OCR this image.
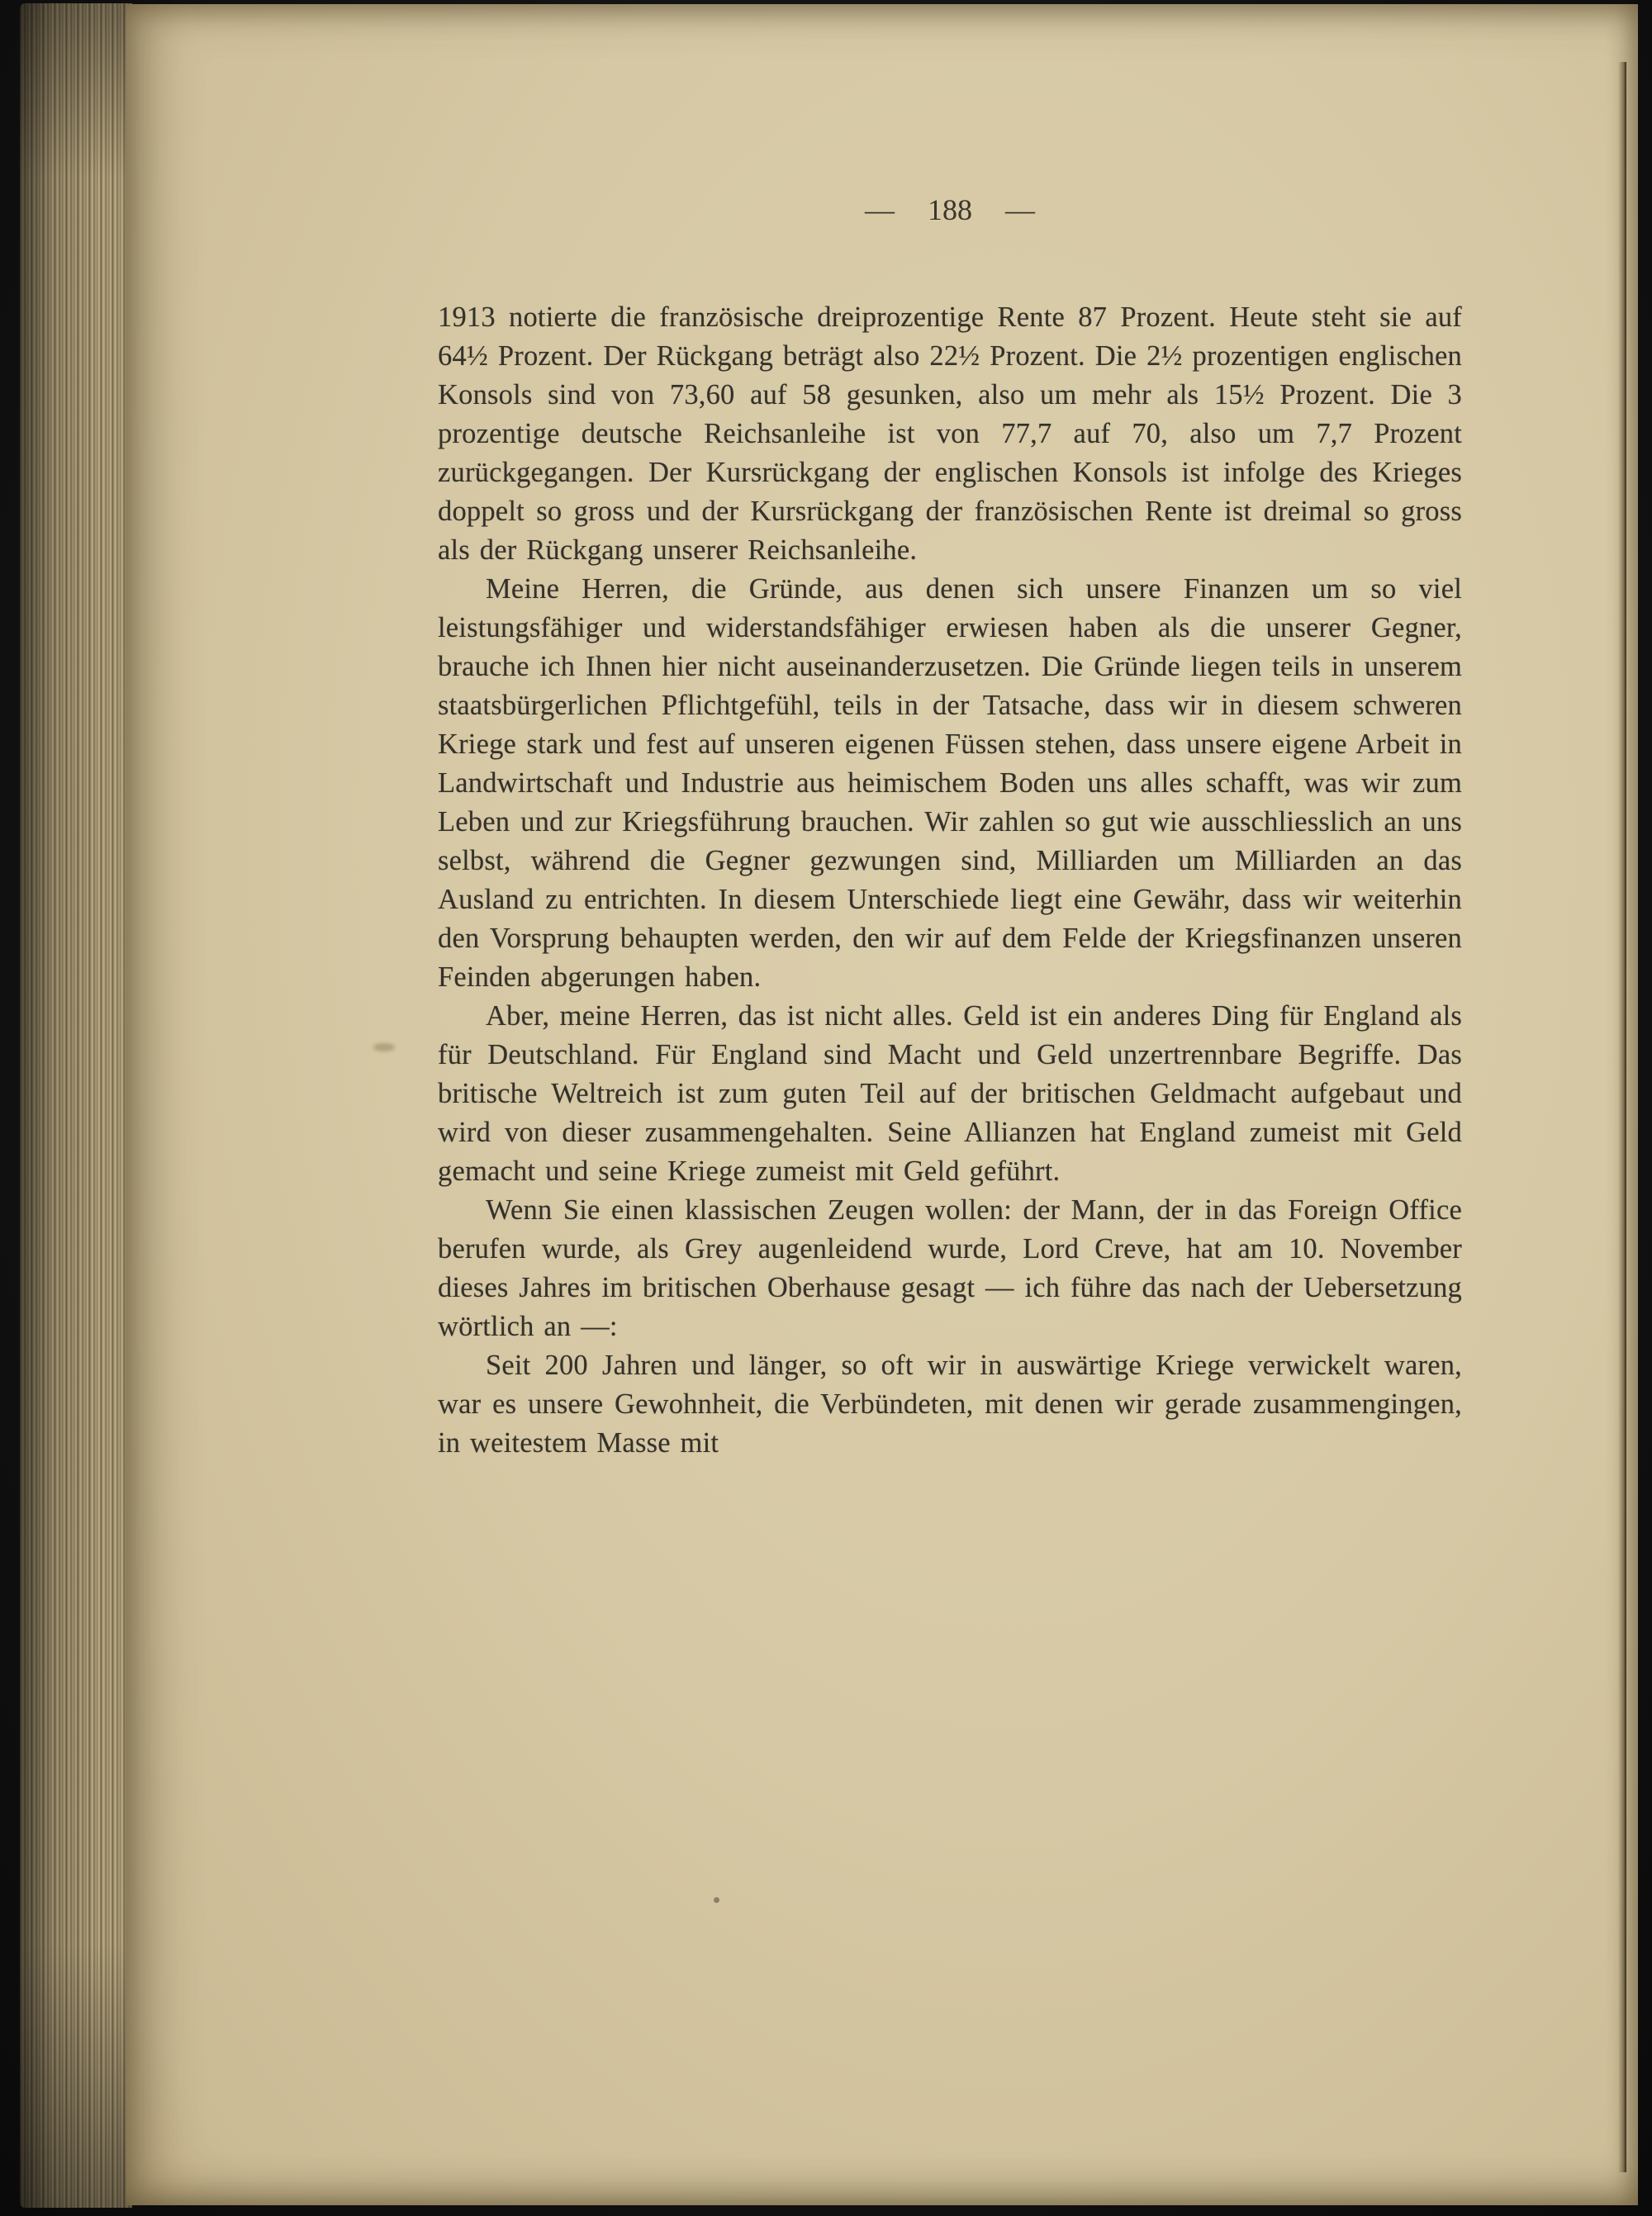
— 188 —

1913 notierte die französische dreiprozentige Rente 87 Prozent. Heute steht sie auf 64½ Prozent. Der Rückgang beträgt also 22½ Prozent. Die 2½ prozentigen englischen Konsols sind von 73,60 auf 58 gesunken, also um mehr als 15½ Prozent. Die 3 prozentige deutsche Reichsanleihe ist von 77,7 auf 70, also um 7,7 Prozent zurückgegangen. Der Kursrückgang der englischen Konsols ist infolge des Krieges doppelt so gross und der Kursrückgang der französischen Rente ist dreimal so gross als der Rückgang unserer Reichsanleihe.

Meine Herren, die Gründe, aus denen sich unsere Finanzen um so viel leistungsfähiger und widerstandsfähiger erwiesen haben als die unserer Gegner, brauche ich Ihnen hier nicht auseinanderzusetzen. Die Gründe liegen teils in unserem staatsbürgerlichen Pflichtgefühl, teils in der Tatsache, dass wir in diesem schweren Kriege stark und fest auf unseren eigenen Füssen stehen, dass unsere eigene Arbeit in Landwirtschaft und Industrie aus heimischem Boden uns alles schafft, was wir zum Leben und zur Kriegsführung brauchen. Wir zahlen so gut wie ausschliesslich an uns selbst, während die Gegner gezwungen sind, Milliarden um Milliarden an das Ausland zu entrichten. In diesem Unterschiede liegt eine Gewähr, dass wir weiterhin den Vorsprung behaupten werden, den wir auf dem Felde der Kriegsfinanzen unseren Feinden abgerungen haben.

Aber, meine Herren, das ist nicht alles. Geld ist ein anderes Ding für England als für Deutschland. Für England sind Macht und Geld unzertrennbare Begriffe. Das britische Weltreich ist zum guten Teil auf der britischen Geldmacht aufgebaut und wird von dieser zusammengehalten. Seine Allianzen hat England zumeist mit Geld gemacht und seine Kriege zumeist mit Geld geführt.

Wenn Sie einen klassischen Zeugen wollen: der Mann, der in das Foreign Office berufen wurde, als Grey augenleidend wurde, Lord Creve, hat am 10. November dieses Jahres im britischen Oberhause gesagt — ich führe das nach der Uebersetzung wörtlich an —:

Seit 200 Jahren und länger, so oft wir in auswärtige Kriege verwickelt waren, war es unsere Gewohnheit, die Verbündeten, mit denen wir gerade zusammengingen, in weitestem Masse mit
